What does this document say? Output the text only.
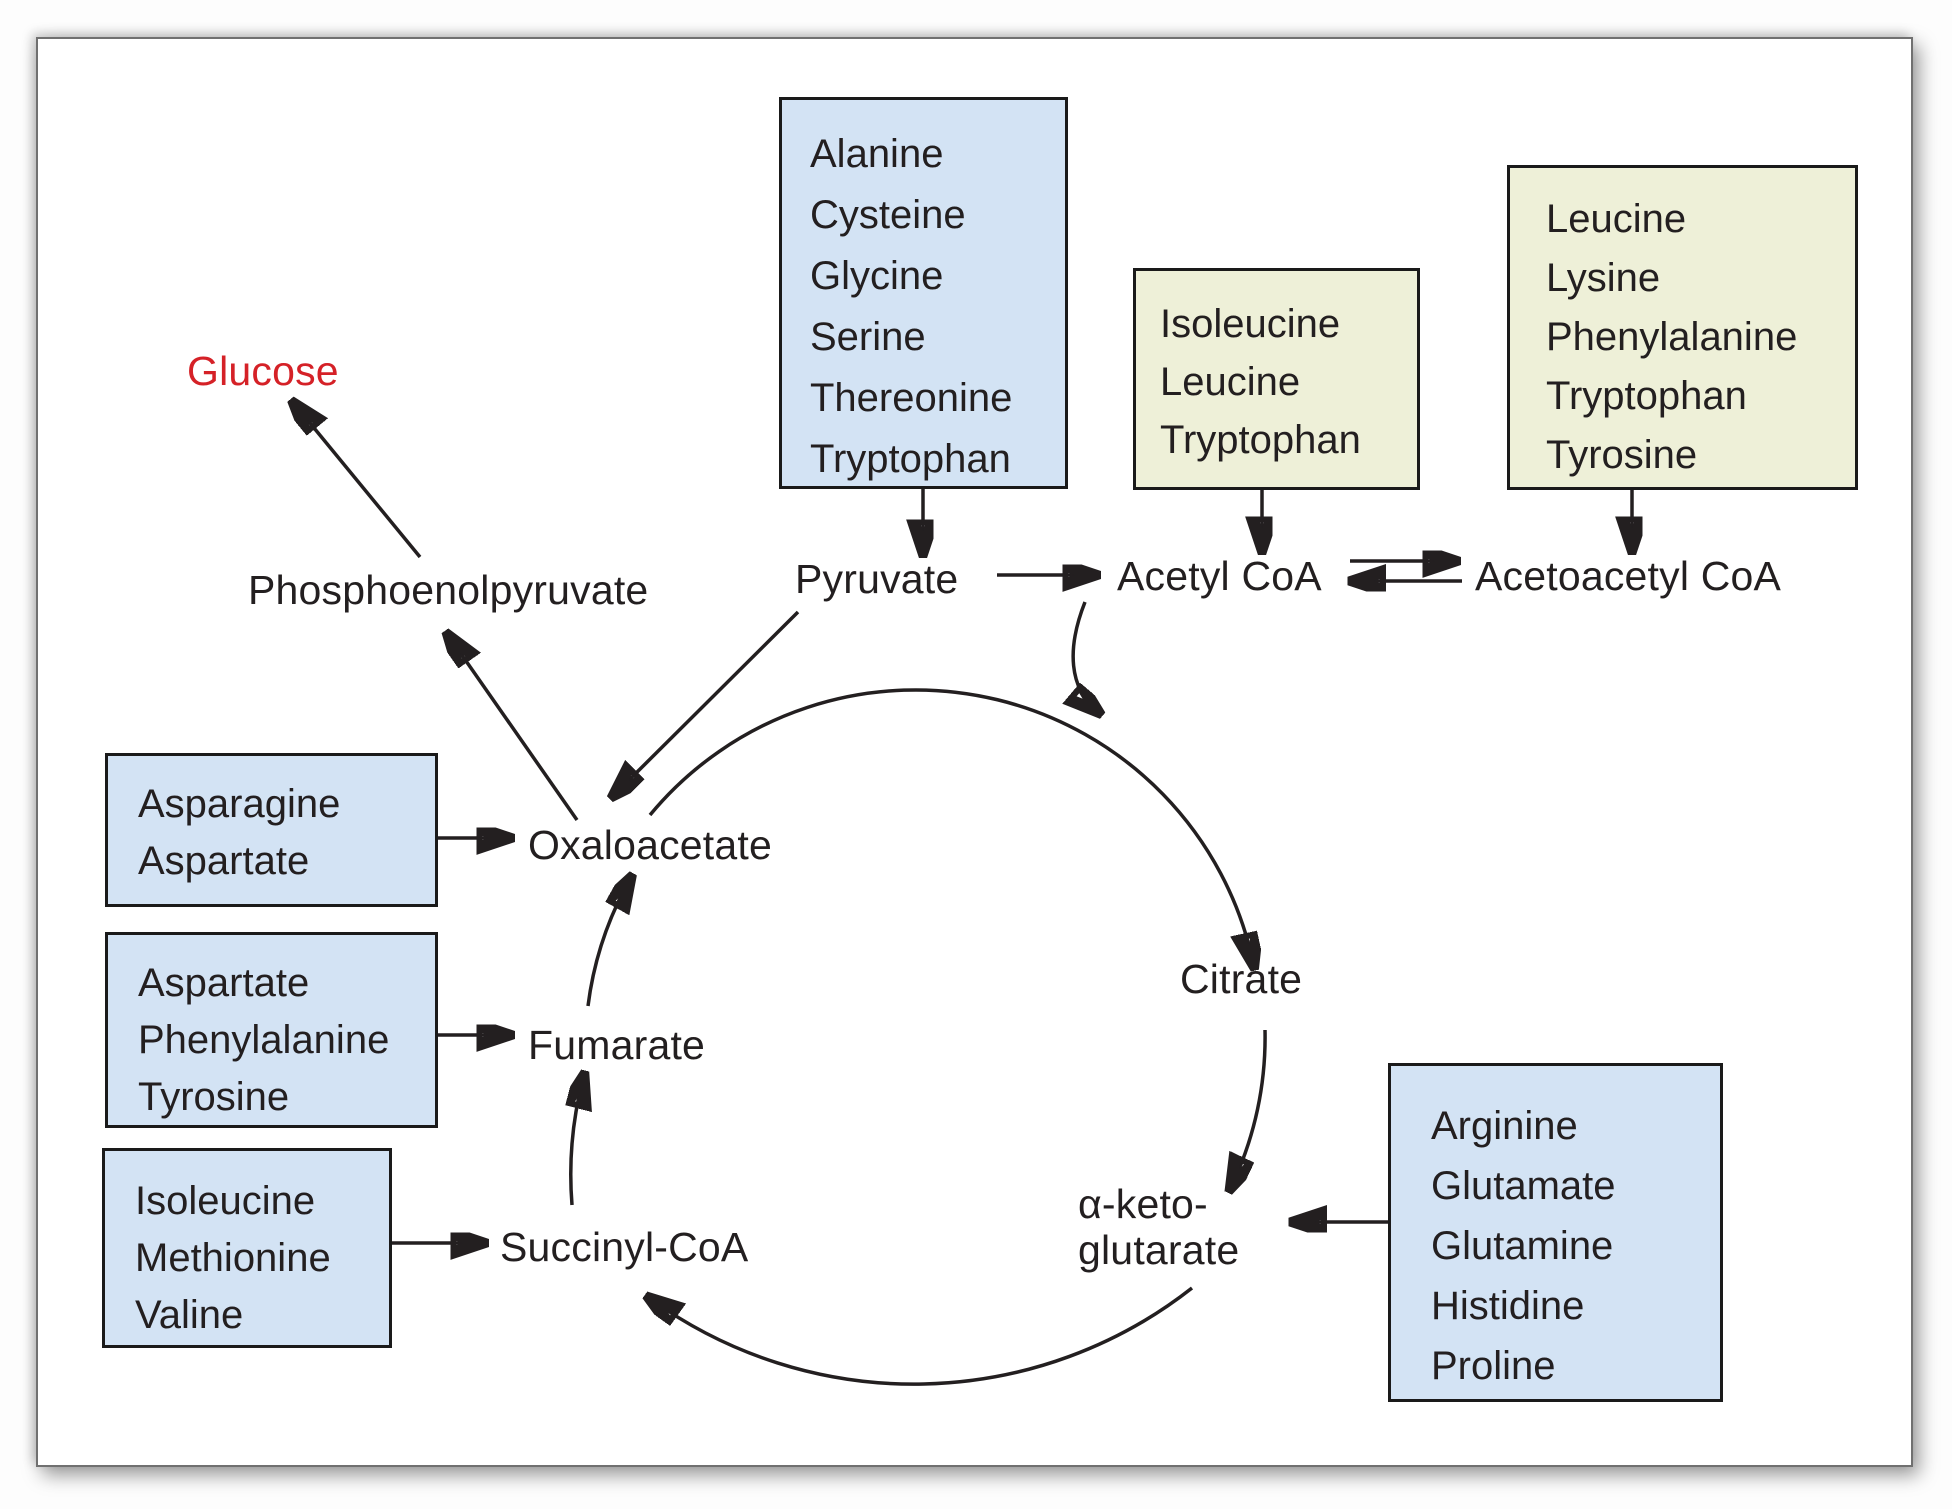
Alanine
Cysteine
Glycine
Serine
Thereonine
Tryptophan
Isoleucine
Leucine
Tryptophan
Leucine
Lysine
Phenylalanine
Tryptophan
Tyrosine
Asparagine
Aspartate
Aspartate
Phenylalanine
Tyrosine
Isoleucine
Methionine
Valine
Arginine
Glutamate
Glutamine
Histidine
Proline
Glucose
Phosphoenolpyruvate	Pyruvate	Acetyl CoA	Acetoacetyl CoA
Oxaloacetate
Citrate
Fumarate
Succinyl-CoA
α-keto-
glutarate
